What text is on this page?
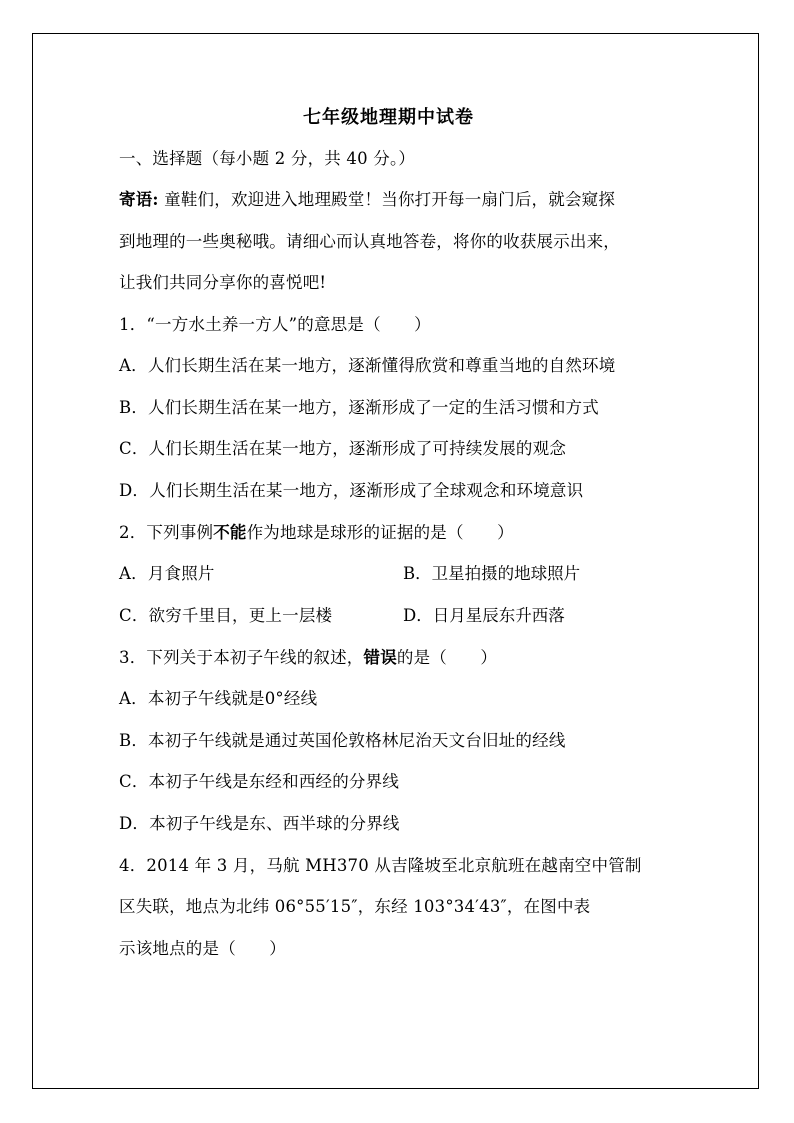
七年级地理期中试卷
一、选择题（每小题 2 分，共 40 分。）
寄语: 童鞋们，欢迎进入地理殿堂！当你打开每一扇门后，就会窥探
到地理的一些奥秘哦。请细心而认真地答卷，将你的收获展示出来，
让我们共同分享你的喜悦吧!
1．“一方水土养一方人”的意思是（　　）
A．人们长期生活在某一地方，逐渐懂得欣赏和尊重当地的自然环境
B．人们长期生活在某一地方，逐渐形成了一定的生活习惯和方式
C．人们长期生活在某一地方，逐渐形成了可持续发展的观念
D．人们长期生活在某一地方，逐渐形成了全球观念和环境意识
2．下列事例不能作为地球是球形的证据的是（　　）
A．月食照片	B．卫星拍摄的地球照片
C．欲穷千里目，更上一层楼	D．日月星辰东升西落
3．下列关于本初子午线的叙述，错误的是（　　）
A．本初子午线就是0°经线
B．本初子午线就是通过英国伦敦格林尼治天文台旧址的经线
C．本初子午线是东经和西经的分界线
D．本初子午线是东、西半球的分界线
4．2014 年 3 月，马航 MH370 从吉隆坡至北京航班在越南空中管制
区失联，地点为北纬 06°55′15″，东经 103°34′43″，在图中表
示该地点的是（　　）
